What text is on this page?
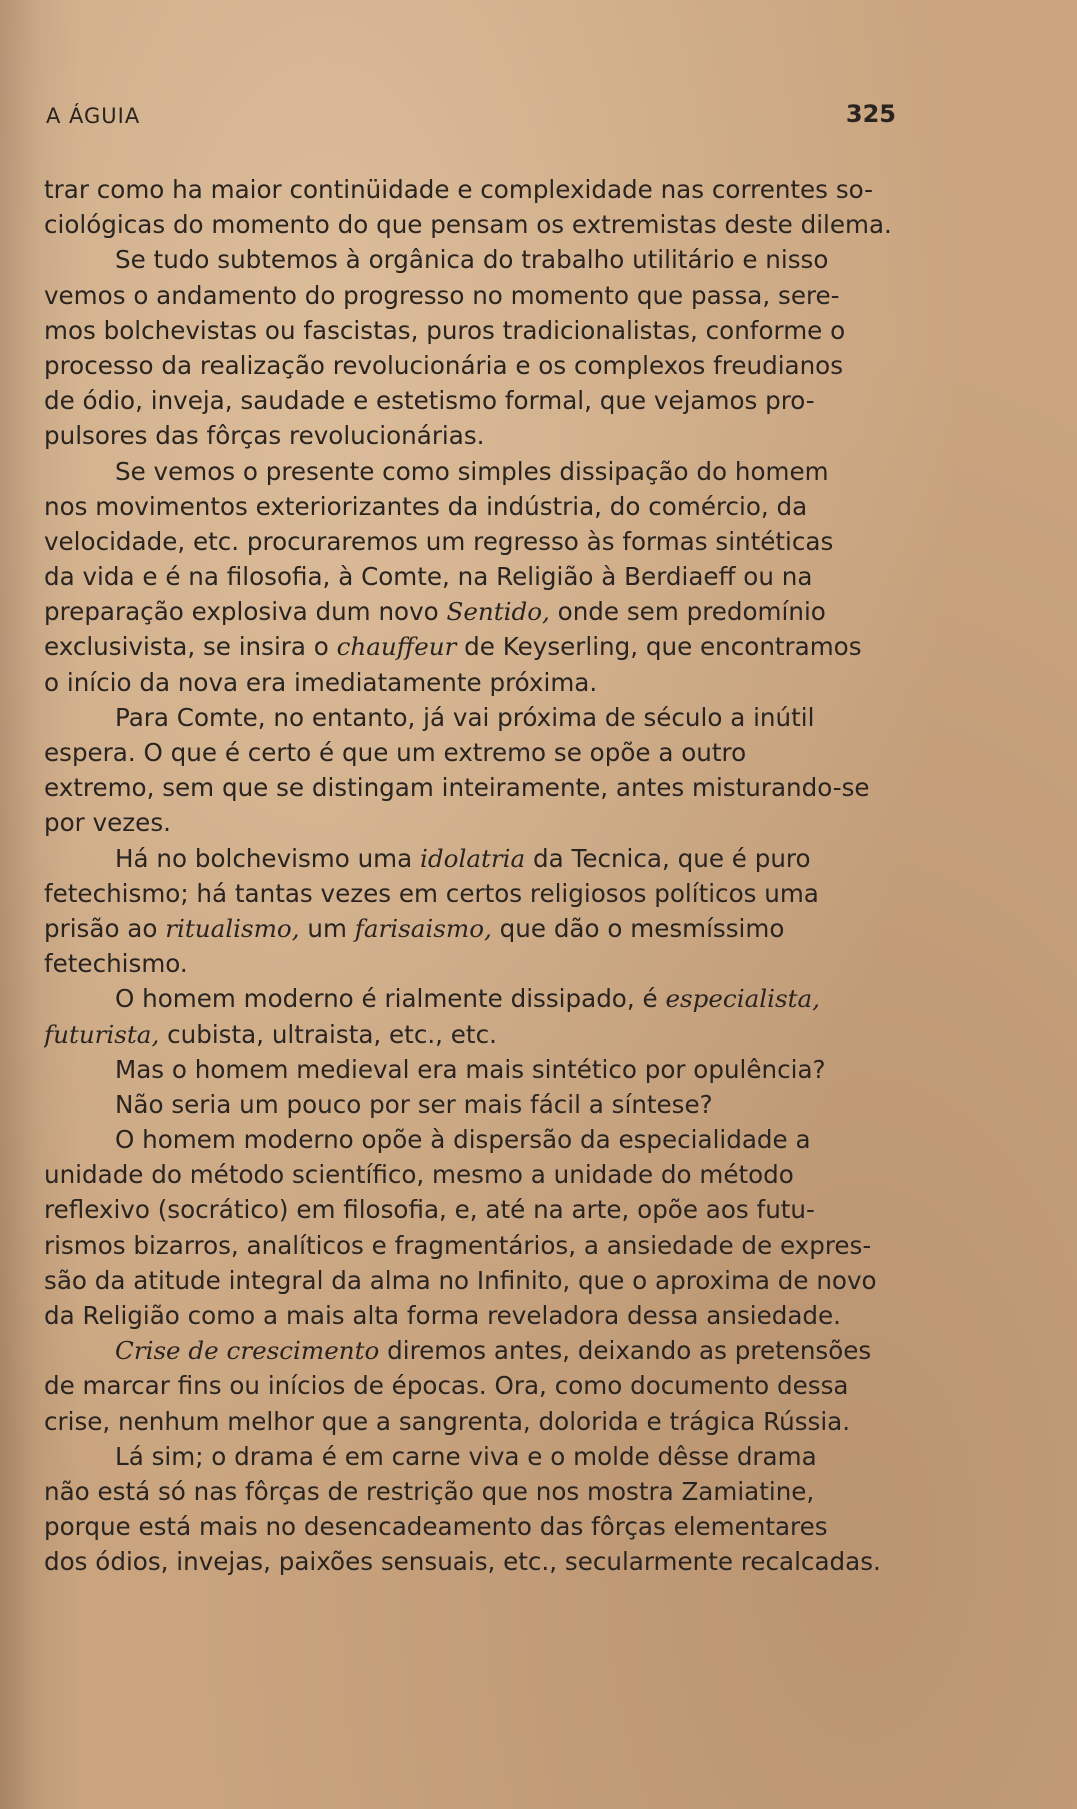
A ÁGUIA	325
trar como ha maior continüidade e complexidade nas correntes so-
ciológicas do momento do que pensam os extremistas deste dilema.
Se tudo subtemos à orgânica do trabalho utilitário e nisso
vemos o andamento do progresso no momento que passa, sere-
mos bolchevistas ou fascistas, puros tradicionalistas, conforme o
processo da realização revolucionária e os complexos freudianos
de ódio, inveja, saudade e estetismo formal, que vejamos pro-
pulsores das fôrças revolucionárias.
Se vemos o presente como simples dissipação do homem
nos movimentos exteriorizantes da indústria, do comércio, da
velocidade, etc. procuraremos um regresso às formas sintéticas
da vida e é na filosofia, à Comte, na Religião à Berdiaeff ou na
preparação explosiva dum novo Sentido, onde sem predomínio
exclusivista, se insira o chauffeur de Keyserling, que encontramos
o início da nova era imediatamente próxima.
Para Comte, no entanto, já vai próxima de século a inútil
espera. O que é certo é que um extremo se opõe a outro
extremo, sem que se distingam inteiramente, antes misturando-se
por vezes.
Há no bolchevismo uma idolatria da Tecnica, que é puro
fetechismo; há tantas vezes em certos religiosos políticos uma
prisão ao ritualismo, um farisaismo, que dão o mesmíssimo
fetechismo.
O homem moderno é rialmente dissipado, é especialista,
futurista, cubista, ultraista, etc., etc.
Mas o homem medieval era mais sintético por opulência?
Não seria um pouco por ser mais fácil a síntese?
O homem moderno opõe à dispersão da especialidade a
unidade do método scientífico, mesmo a unidade do método
reflexivo (socrático) em filosofia, e, até na arte, opõe aos futu-
rismos bizarros, analíticos e fragmentários, a ansiedade de expres-
são da atitude integral da alma no Infinito, que o aproxima de novo
da Religião como a mais alta forma reveladora dessa ansiedade.
Crise de crescimento diremos antes, deixando as pretensões
de marcar fins ou inícios de épocas. Ora, como documento dessa
crise, nenhum melhor que a sangrenta, dolorida e trágica Rússia.
Lá sim; o drama é em carne viva e o molde dêsse drama
não está só nas fôrças de restrição que nos mostra Zamiatine,
porque está mais no desencadeamento das fôrças elementares
dos ódios, invejas, paixões sensuais, etc., secularmente recalcadas.
